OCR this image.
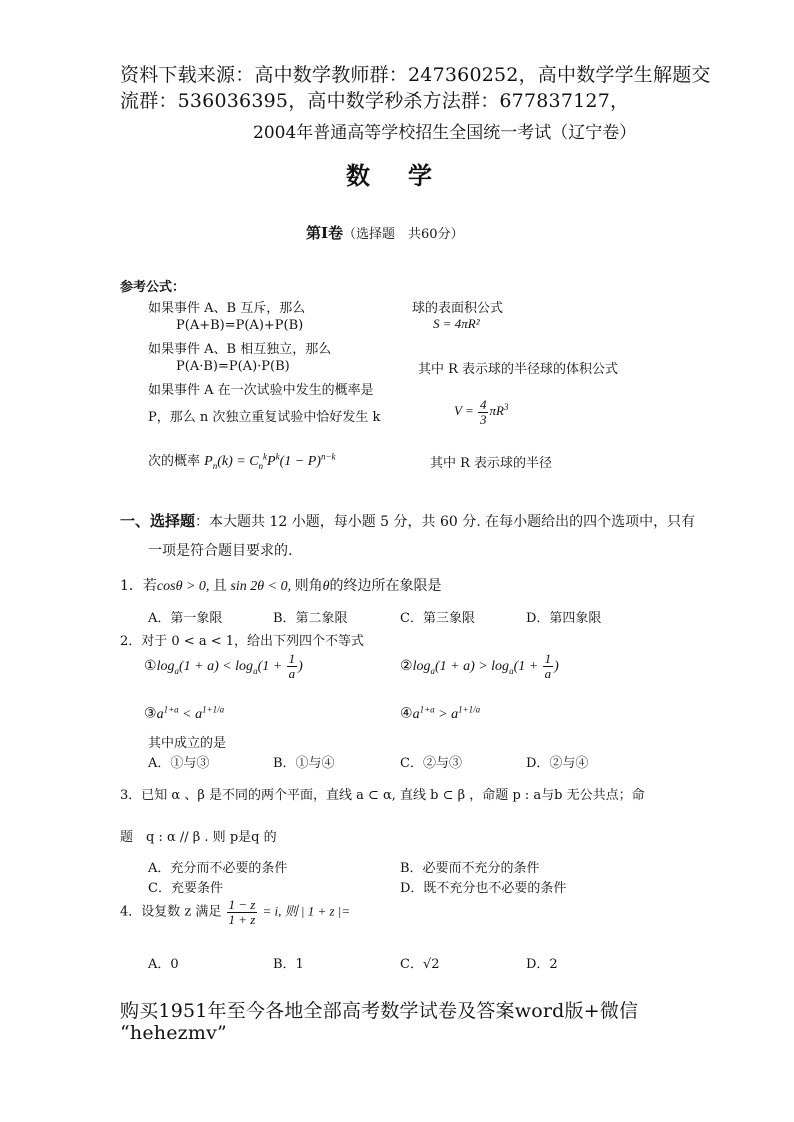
资料下载来源：高中数学教师群：247360252，高中数学学生解题交
流群：536036395，高中数学秒杀方法群：677837127，
2004年普通高等学校招生全国统一考试（辽宁卷）
数学
第Ⅰ卷（选择题　共60分）
参考公式：
如果事件 A、B 互斥，那么
P(A+B)=P(A)+P(B)
如果事件 A、B 相互独立，那么
P(A·B)=P(A)·P(B)
如果事件 A 在一次试验中发生的概率是
P，那么 n 次独立重复试验中恰好发生 k
次的概率 $P_n(k) = C_n^kP^k(1 - P)^{n-k}$
球的表面积公式
S = 4πR²
其中 R 表示球的半径球的体积公式
$V = \frac{4}{3} \pi R^3$
其中 R 表示球的半径
一、选择题：本大题共 12 小题，每小题 5 分，共 60 分. 在每小题给出的四个选项中，只有
一项是符合题目要求的.
1．若cosθ > 0, 且 sin 2θ < 0, 则角θ的终边所在象限是
A．第一象限	B．第二象限	C．第三象限	D．第四象限
2．对于 0 < a < 1，给出下列四个不等式
$①\log_a(1 + a) < \log_a(1 + \frac{1}{a}$ )	$②\log_a(1 + a) > \log_a(1 + \frac{1}{a}$ )
$③a^{1+a} < a^{1+1/a}$	$④a^{1+a} > a^{1+1/a}$
其中成立的是
A．①与③	B．①与④	C．②与③	D．②与④
3．已知 α 、β 是不同的两个平面，直线 a ⊂ α, 直线 b ⊂ β ，命题 p : a与b 无公共点；命
题　q : α // β . 则 p是q 的
A．充分而不必要的条件	B．必要而不充分的条件
C．充要条件	D．既不充分也不必要的条件
4．设复数 z 满足 $\frac{1 - z}{1 + z} = i$, 则 | 1 + z |=
A．0	B．1	C．√2	D．2
购买1951年至今各地全部高考数学试卷及答案word版+微信
“hehezmv”
